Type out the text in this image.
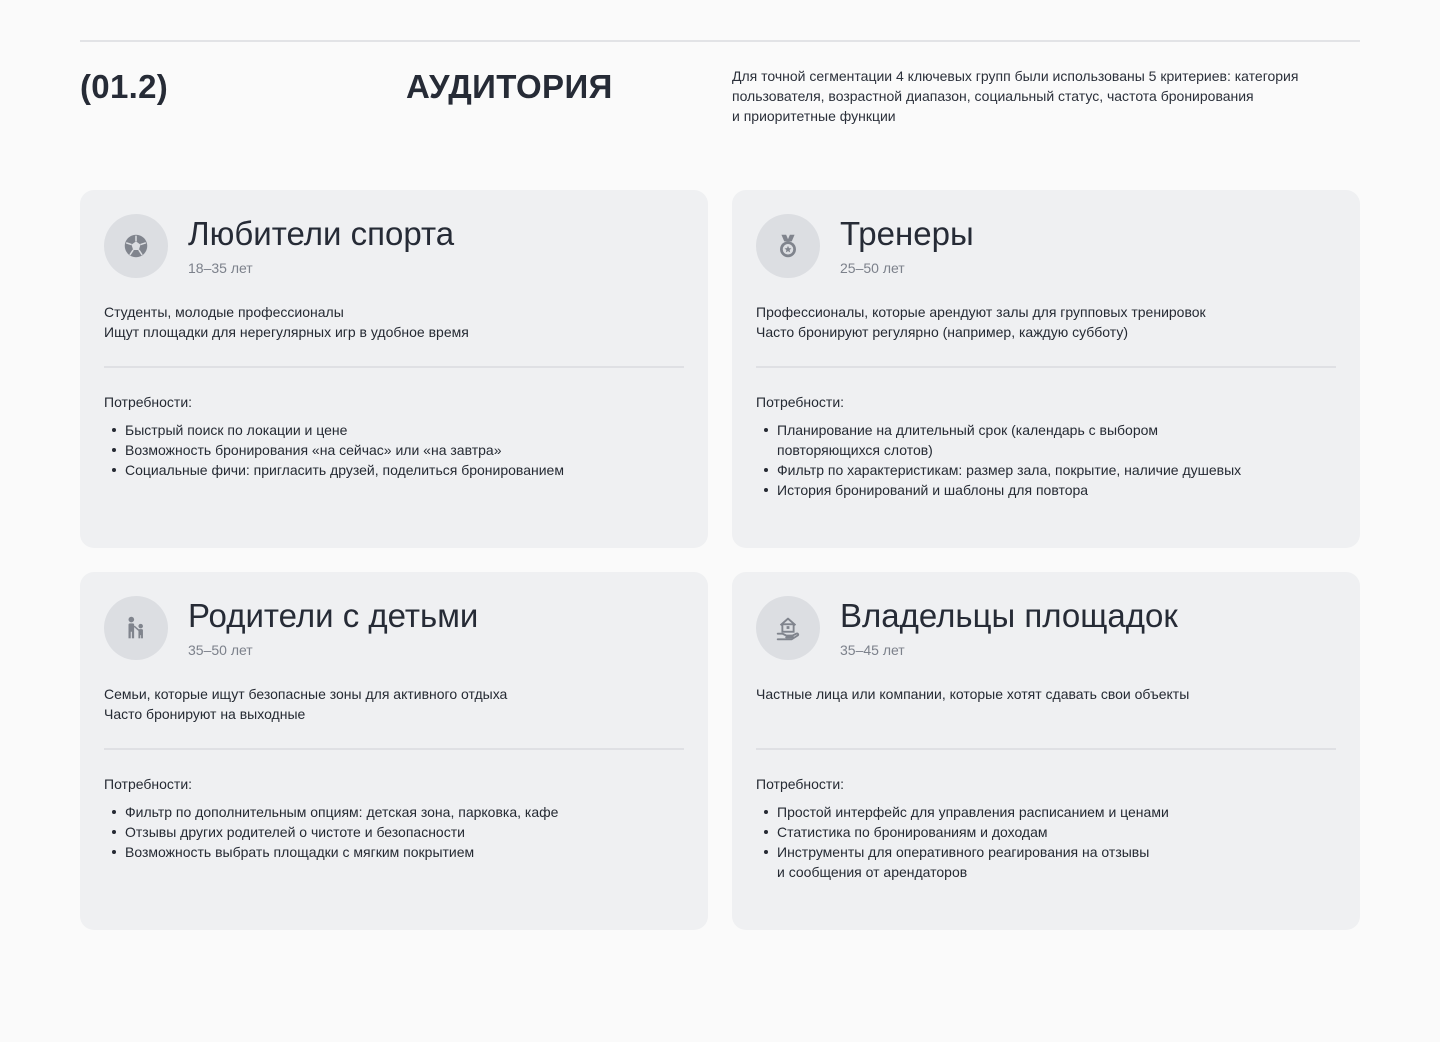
(01.2)	АУДИТОРИЯ	Для точной сегментации 4 ключевых групп были использованы 5 критериев: категория
пользователя, возрастной диапазон, социальный статус, частота бронирования
и приоритетные функции
Любители спорта
18–35 лет
Студенты, молодые профессионалы
Ищут площадки для нерегулярных игр в удобное время
Потребности:
Быстрый поиск по локации и цене
Возможность бронирования «на сейчас» или «на завтра»
Социальные фичи: пригласить друзей, поделиться бронированием
Тренеры
25–50 лет
Профессионалы, которые арендуют залы для групповых тренировок
Часто бронируют регулярно (например, каждую субботу)
Потребности:
Планирование на длительный срок (календарь с выбором
повторяющихся слотов)
Фильтр по характеристикам: размер зала, покрытие, наличие душевых
История бронирований и шаблоны для повтора
Родители с детьми
35–50 лет
Семьи, которые ищут безопасные зоны для активного отдыха
Часто бронируют на выходные
Потребности:
Фильтр по дополнительным опциям: детская зона, парковка, кафе
Отзывы других родителей о чистоте и безопасности
Возможность выбрать площадки с мягким покрытием
Владельцы площадок
35–45 лет
Частные лица или компании, которые хотят сдавать свои объекты
Потребности:
Простой интерфейс для управления расписанием и ценами
Статистика по бронированиям и доходам
Инструменты для оперативного реагирования на отзывы
и сообщения от арендаторов
